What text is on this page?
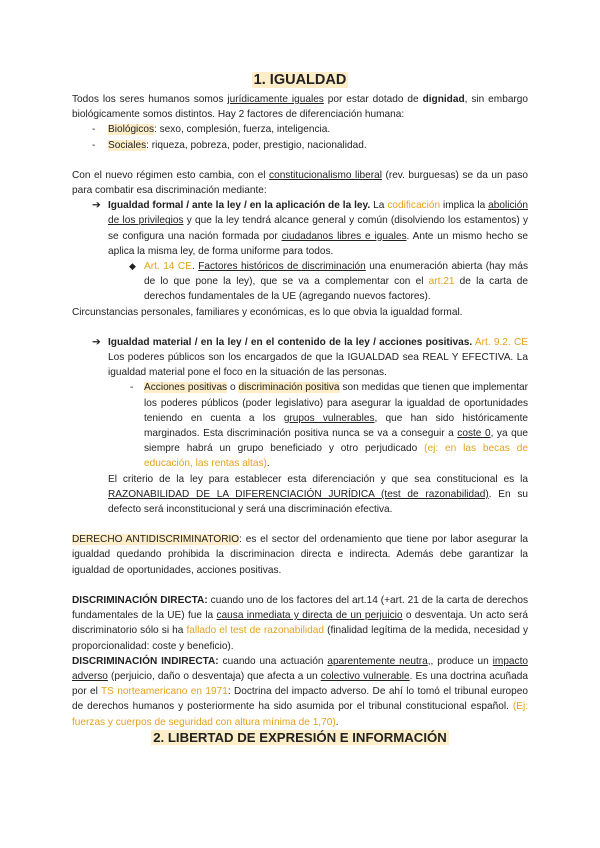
1. IGUALDAD

Todos los seres humanos somos jurídicamente iguales por estar dotado de dignidad, sin embargo biológicamente somos distintos. Hay 2 factores de diferenciación humana:

- Biológicos: sexo, complesión, fuerza, inteligencia.
- Sociales: riqueza, pobreza, poder, prestigio, nacionalidad.

Con el nuevo régimen esto cambia, con el constitucionalismo liberal (rev. burguesas) se da un paso para combatir esa discriminación mediante:

➔ Igualdad formal / ante la ley / en la aplicación de la ley. La codificación implica la abolición de los privilegios y que la ley tendrá alcance general y común (disolviendo los estamentos) y se configura una nación formada por ciudadanos libres e iguales. Ante un mismo hecho se aplica la misma ley, de forma uniforme para todos.

◆ Art. 14 CE. Factores históricos de discriminación una enumeración abierta (hay más de lo que pone la ley), que se va a complementar con el art.21 de la carta de derechos fundamentales de la UE (agregando nuevos factores).

Circunstancias personales, familiares y económicas, es lo que obvia la igualdad formal.

➔ Igualdad material / en la ley / en el contenido de la ley / acciones positivas. Art. 9.2. CE Los poderes públicos son los encargados de que la IGUALDAD sea REAL Y EFECTIVA. La igualdad material pone el foco en la situación de las personas.

- Acciones positivas o discriminación positiva son medidas que tienen que implementar los poderes públicos (poder legislativo) para asegurar la igualdad de oportunidades teniendo en cuenta a los grupos vulnerables, que han sido históricamente marginados. Esta discriminación positiva nunca se va a conseguir a coste 0, ya que siempre habrá un grupo beneficiado y otro perjudicado (ej: en las becas de educación, las rentas altas).

El criterio de la ley para establecer esta diferenciación y que sea constitucional es la RAZONABILIDAD DE LA DIFERENCIACIÓN JURÍDICA (test de razonabilidad). En su defecto será inconstitucional y será una discriminación efectiva.

DERECHO ANTIDISCRIMINATORIO: es el sector del ordenamiento que tiene por labor asegurar la igualdad quedando prohibida la discriminacion directa e indirecta. Además debe garantizar la igualdad de oportunidades, acciones positivas.

DISCRIMINACIÓN DIRECTA: cuando uno de los factores del art.14 (+art. 21 de la carta de derechos fundamentales de la UE) fue la causa inmediata y directa de un perjuicio o desventaja. Un acto será discriminatorio sólo si ha fallado el test de razonabilidad (finalidad legítima de la medida, necesidad y proporcionalidad: coste y beneficio).

DISCRIMINACIÓN INDIRECTA: cuando una actuación aparentemente neutra,, produce un impacto adverso (perjuicio, daño o desventaja) que afecta a un colectivo vulnerable. Es una doctrina acuñada por el TS norteamericano en 1971: Doctrina del impacto adverso. De ahí lo tomó el tribunal europeo de derechos humanos y posteriormente ha sido asumida por el tribunal constitucional español. (Ej: fuerzas y cuerpos de seguridad con altura mínima de 1,70).

2. LIBERTAD DE EXPRESIÓN E INFORMACIÓN
